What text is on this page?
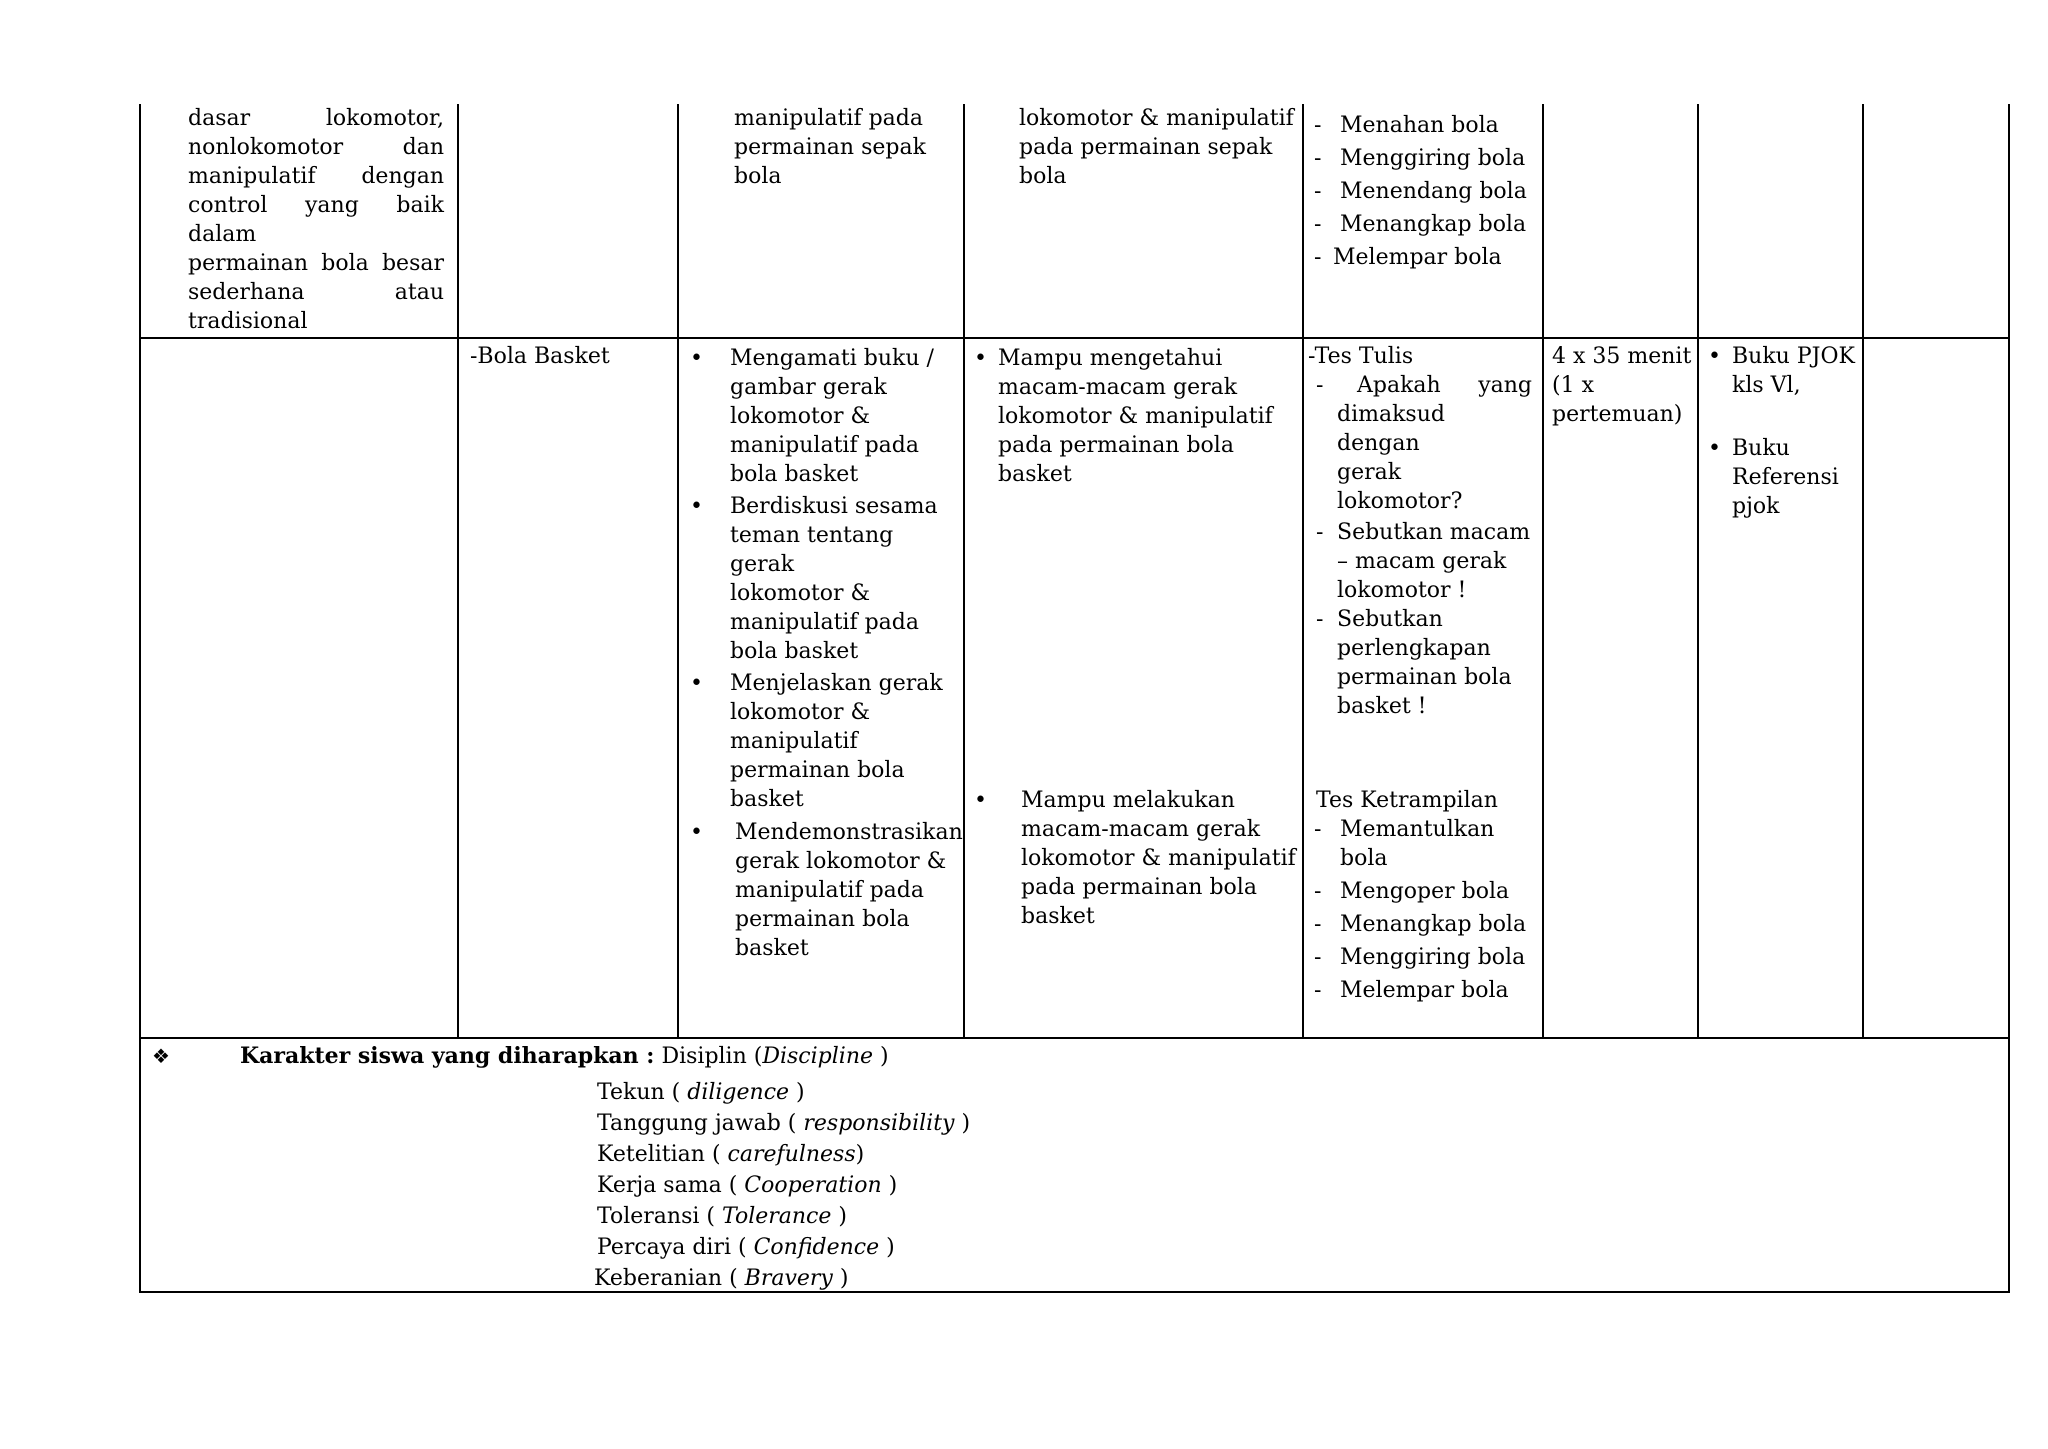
dasar lokomotor,
nonlokomotor dan
manipulatif dengan
control yang baik dalam
permainan bola besar
sederhana atau
tradisional
manipulatif pada
permainan sepak
bola
lokomotor & manipulatif
pada permainan sepak
bola
- Menahan bola
- Menggiring bola
- Menendang bola
- Menangkap bola
- Melempar bola
-Bola Basket
•	Mengamati buku /
gambar gerak
lokomotor &
manipulatif pada
bola basket
• Berdiskusi sesama
teman tentang gerak
lokomotor &
manipulatif pada
bola basket
• Menjelaskan gerak
lokomotor &
manipulatif
permainan bola
basket
• Mendemonstrasikan
gerak lokomotor &
manipulatif pada
permainan bola
basket
• Mampu mengetahui
macam-macam gerak
lokomotor & manipulatif
pada permainan bola basket
• Mampu melakukan
macam-macam gerak
lokomotor & manipulatif
pada permainan bola
basket
-Tes Tulis
- Apakah yang
dimaksud dengan
gerak lokomotor?
- Sebutkan macam
– macam gerak
lokomotor !
- Sebutkan
perlengkapan
permainan bola
basket !
Tes Ketrampilan
- Memantulkan
bola
- Mengoper bola
- Menangkap bola
- Menggiring bola
- Melempar bola
4 x 35 menit
(1 x
pertemuan)
• Buku PJOK
kls Vl,
• Buku
Referensi
pjok
❖	Karakter siswa yang diharapkan : Disiplin (Discipline )
Tekun ( diligence )
Tanggung jawab ( responsibility )
Ketelitian ( carefulness)
Kerja sama ( Cooperation )
Toleransi ( Tolerance )
Percaya diri ( Confidence )
Keberanian ( Bravery )
